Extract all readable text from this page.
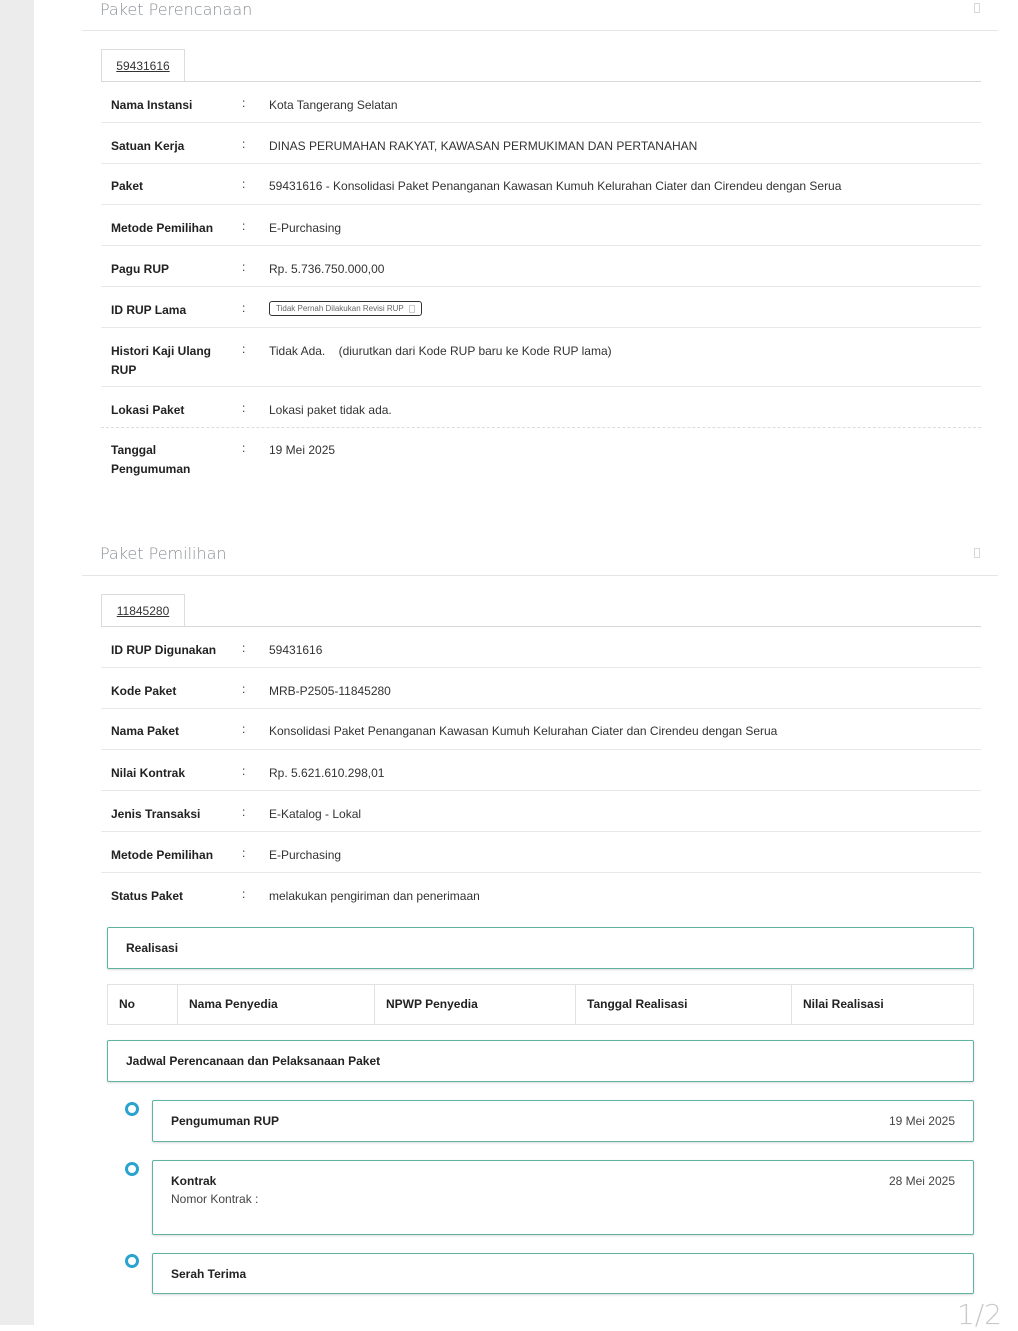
Paket Perencanaan
59431616
Nama Instansi	: Kota Tangerang Selatan
Satuan Kerja	: DINAS PERUMAHAN RAKYAT, KAWASAN PERMUKIMAN DAN PERTANAHAN
Paket	: 59431616 - Konsolidasi Paket Penanganan Kawasan Kumuh Kelurahan Ciater dan Cirendeu dengan Serua
Metode Pemilihan	: E-Purchasing
Pagu RUP	: Rp. 5.736.750.000,00
ID RUP Lama	:	Tidak Pernah Dilakukan Revisi RUP
Histori Kaji Ulang RUP
: Tidak Ada.    (diurutkan dari Kode RUP baru ke Kode RUP lama)
Lokasi Paket	: Lokasi paket tidak ada.
Tanggal Pengumuman
: 19 Mei 2025
Paket Pemilihan
11845280
ID RUP Digunakan	: 59431616
Kode Paket	: MRB-P2505-11845280
Nama Paket	: Konsolidasi Paket Penanganan Kawasan Kumuh Kelurahan Ciater dan Cirendeu dengan Serua
Nilai Kontrak	: Rp. 5.621.610.298,01
Jenis Transaksi	: E-Katalog - Lokal
Metode Pemilihan	: E-Purchasing
Status Paket	: melakukan pengiriman dan penerimaan
Realisasi
No	Nama Penyedia	NPWP Penyedia	Tanggal Realisasi	Nilai Realisasi
Jadwal Perencanaan dan Pelaksanaan Paket
Pengumuman RUP	19 Mei 2025
Kontrak	28 Mei 2025
Nomor Kontrak :
Serah Terima
1/2
